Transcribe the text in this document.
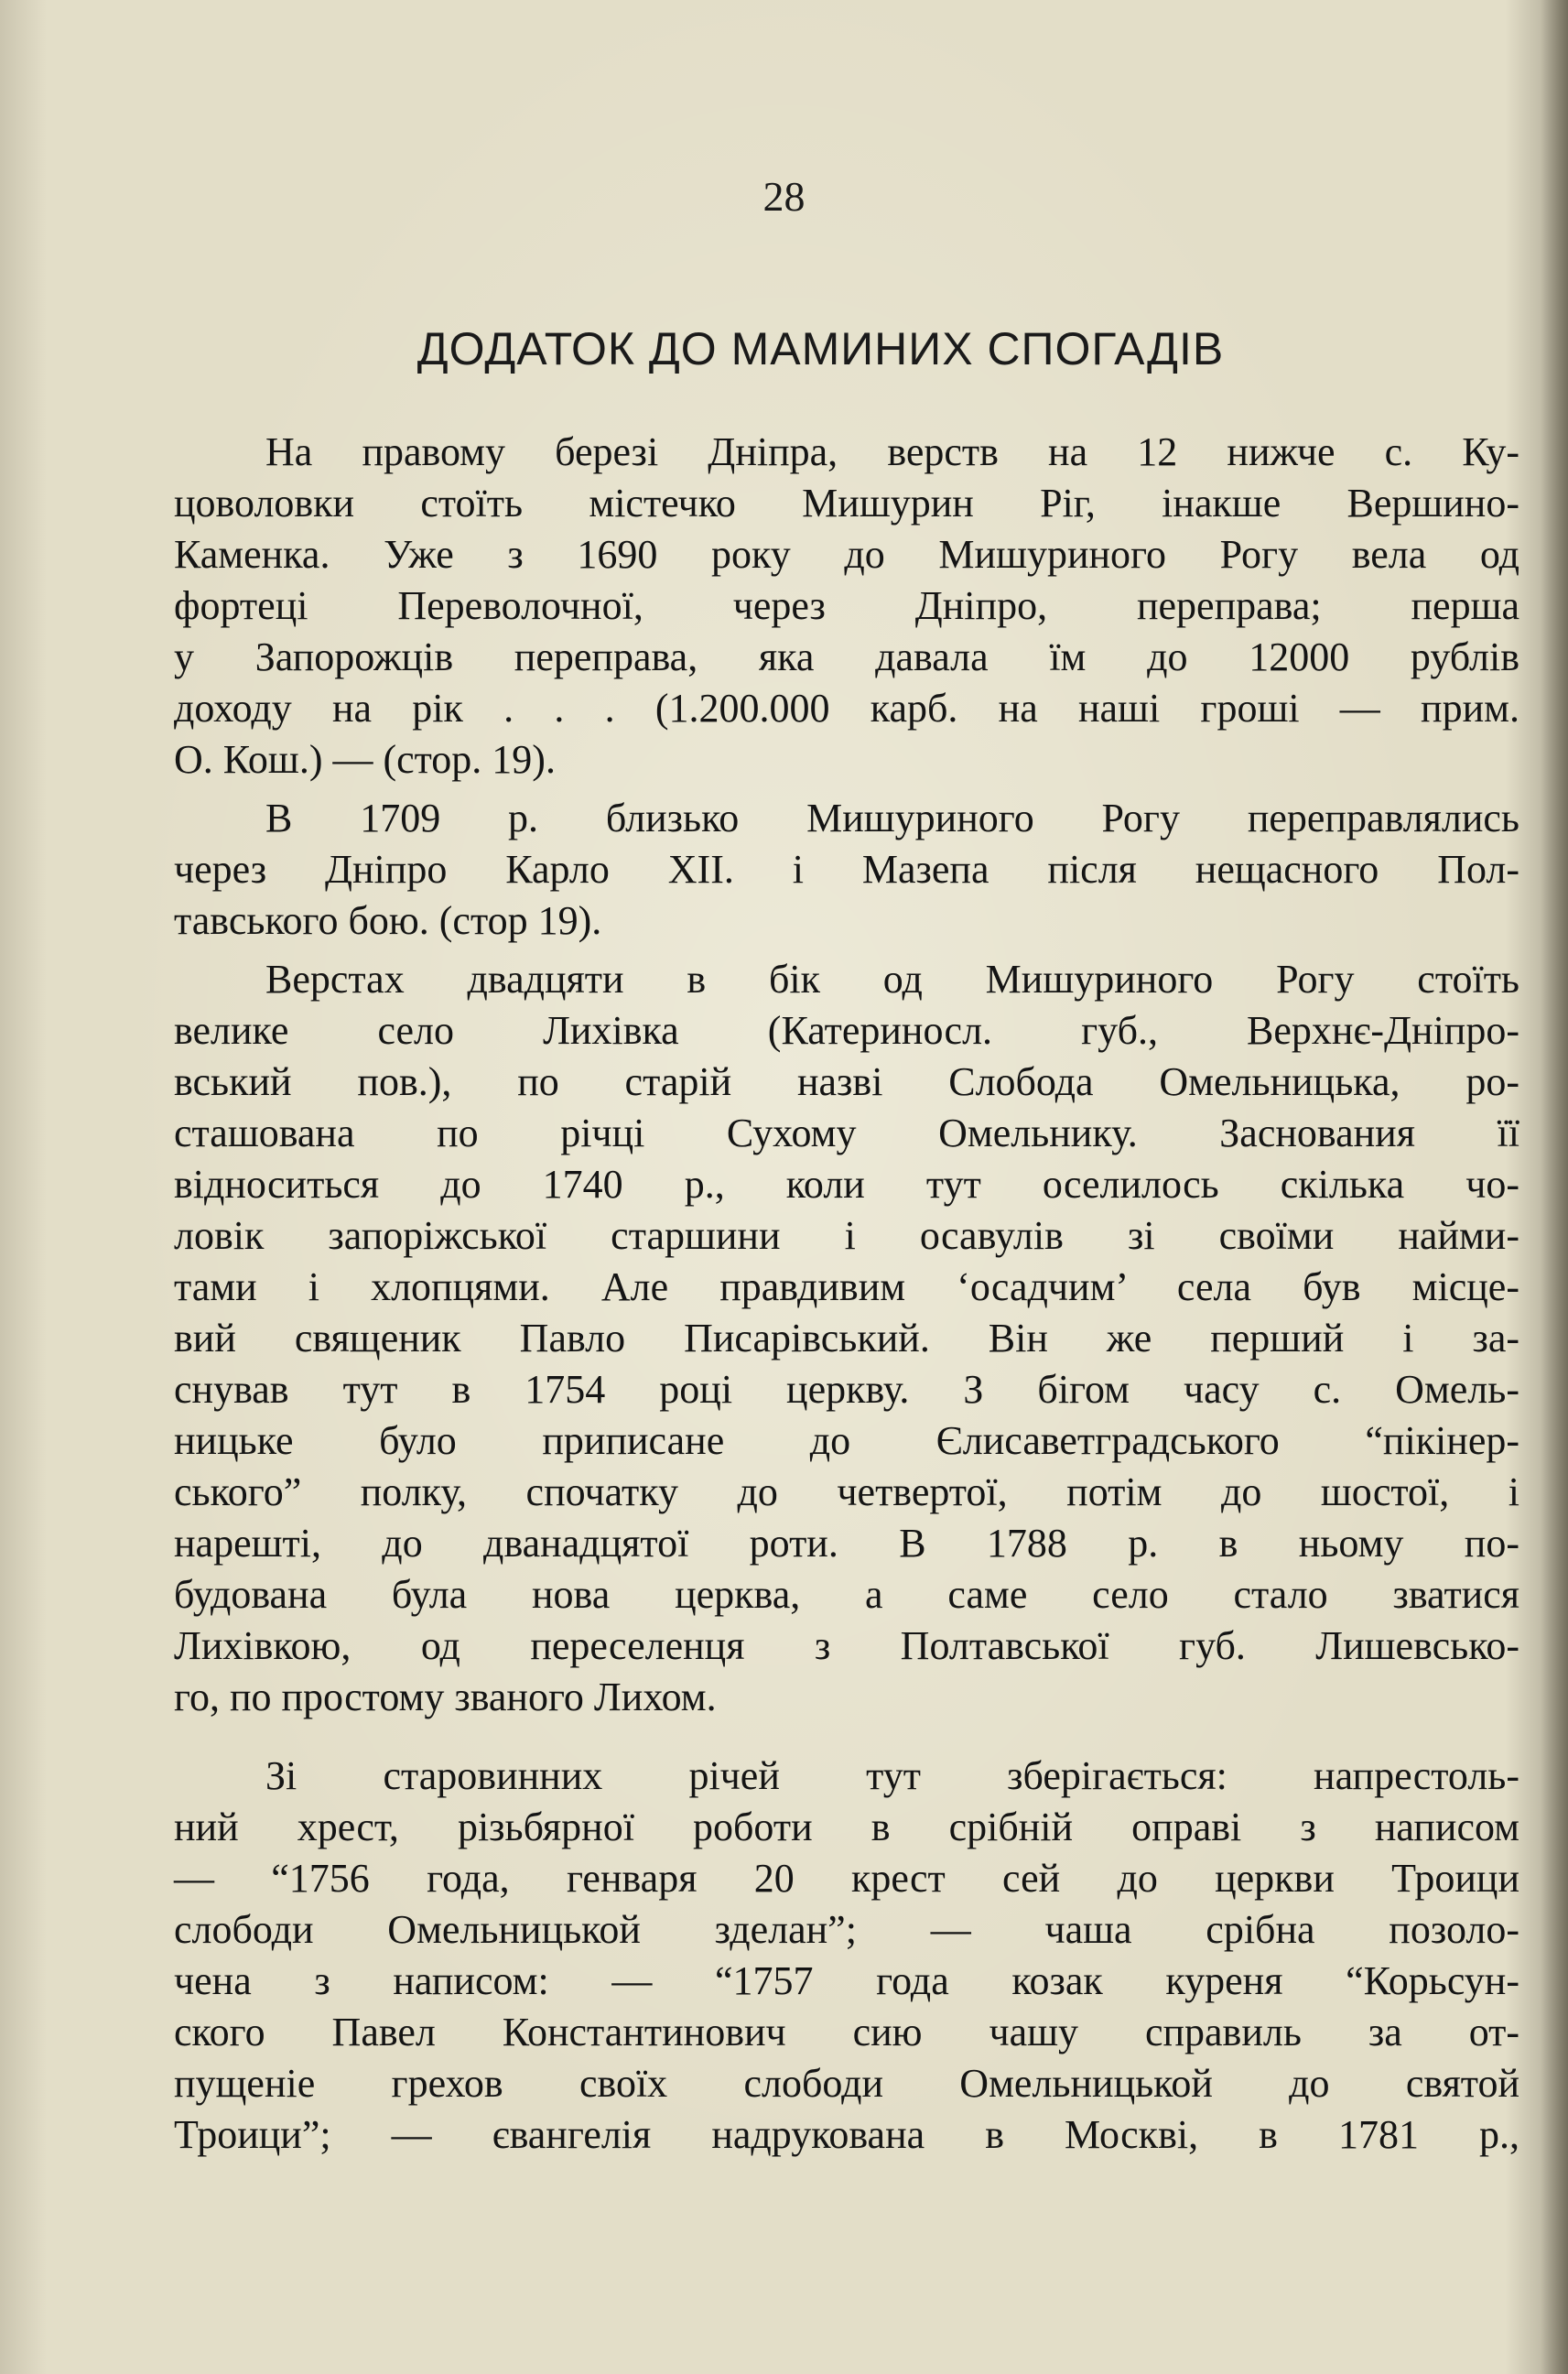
28
ДОДАТОК ДО МАМИНИХ СПОГАДІВ
На правому березі Дніпра, верств на 12 нижче с. Ку-
цоволовки стоїть містечко Мишурин Ріг, інакше Вершино-
Каменка. Уже з 1690 року до Мишуриного Рогу вела од
фортеці Переволочної, через Дніпро, переправа; перша
у Запорожців переправа, яка давала їм до 12000 рублів
доходу на рік . . . (1.200.000 карб. на наші гроші — прим.
О. Кош.) — (стор. 19).
В 1709 р. близько Мишуриного Рогу переправлялись
через Дніпро Карло XII. і Мазепа після нещасного Пол-
тавського бою. (стор 19).
Верстах двадцяти в бік од Мишуриного Рогу стоїть
велике село Лихівка (Катериносл. губ., Верхнє-Дніпро-
вський пов.), по старій назві Слобода Омельницька, ро-
сташована по річці Сухому Омельнику. Заснования її
відноситься до 1740 р., коли тут оселилось скілька чо-
ловік запоріжської старшини і осавулів зі своїми найми-
тами і хлопцями. Але правдивим ‘осадчим’ села був місце-
вий священик Павло Писарівський. Він же перший і за-
снував тут в 1754 році церкву. З бігом часу с. Омель-
ницьке було приписане до Єлисаветградського “пікінер-
ського” полку, спочатку до четвертої, потім до шостої, і
нарешті, до дванадцятої роти. В 1788 р. в ньому по-
будована була нова церква, а саме село стало зватися
Лихівкою, од переселенця з Полтавської губ. Лишевсько-
го, по простому званого Лихом.
Зі старовинних річей тут зберігається: напрестоль-
ний хрест, різьбярної роботи в срібній оправі з написом
— “1756 года, генваря 20 крест сей до церкви Троици
слободи Омельницькой зделан”; — чаша срібна позоло-
чена з написом: — “1757 года козак куреня “Корьсун-
ского Павел Константинович сию чашу справиль за от-
пущеніе грехов своїх слободи Омельницькой до святой
Троици”; — євангелія надрукована в Москві, в 1781 р.,
